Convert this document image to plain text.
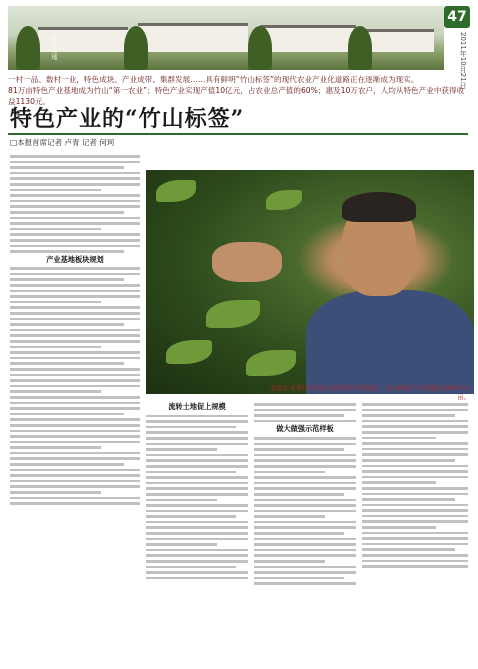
产业天地
47
2011年10月21日
一村一品、数村一业，特色成块、产业成带、集群发展……具有鲜明“竹山标签”的现代农业产业化道路正在逐渐成为现实。
81万亩特色产业基地成为竹山“第一农业”；特色产业实现产值10亿元，占农业总产值的60%；惠及10万农户，人均从特色产业中获得收益1130元。
特色产业的“竹山标签”
□本报首席记者 卢青 记者 何珂
产业基地板块规划
农民在采茶红色的竹山的茶叶长势很好，竹山特色产业基地达到80多万亩。
流转土地促上规模
做大做强示范样板
